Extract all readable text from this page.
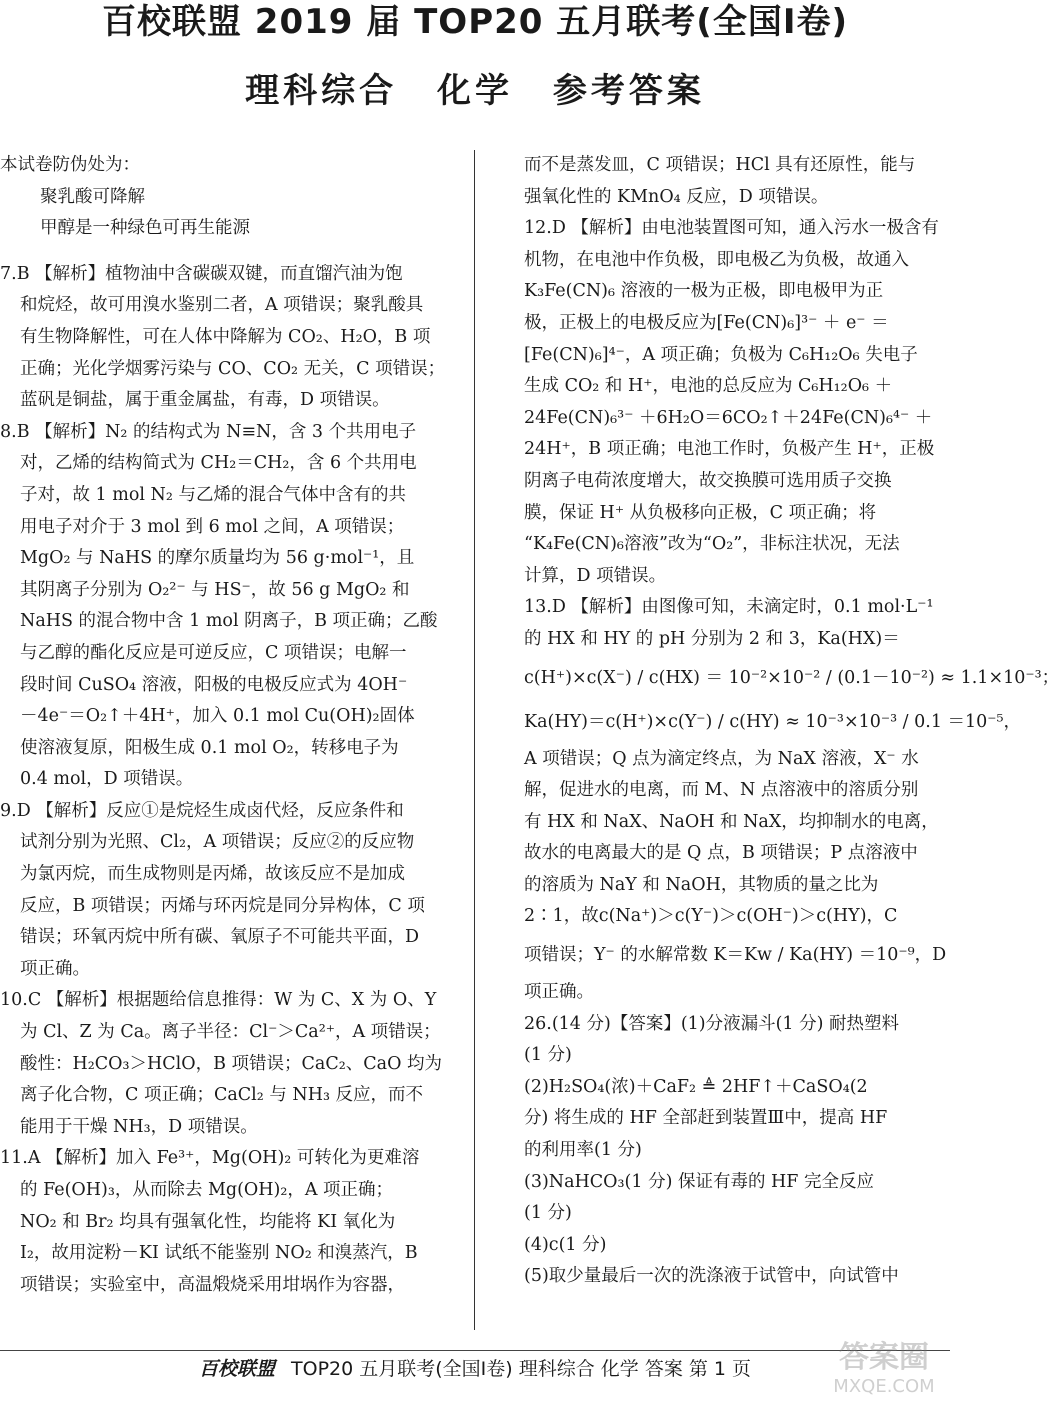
百校联盟 2019 届 TOP20 五月联考(全国Ⅰ卷)
理科综合 化学 参考答案
本试卷防伪处为：
聚乳酸可降解
甲醇是一种绿色可再生能源
7.B 【解析】植物油中含碳碳双键，而直馏汽油为饱
和烷烃，故可用溴水鉴别二者，A 项错误；聚乳酸具
有生物降解性，可在人体中降解为 CO₂、H₂O，B 项
正确；光化学烟雾污染与 CO、CO₂ 无关，C 项错误；
蓝矾是铜盐，属于重金属盐，有毒，D 项错误。
8.B 【解析】N₂ 的结构式为 N≡N，含 3 个共用电子
对，乙烯的结构简式为 CH₂＝CH₂，含 6 个共用电
子对，故 1 mol N₂ 与乙烯的混合气体中含有的共
用电子对介于 3 mol 到 6 mol 之间，A 项错误；
MgO₂ 与 NaHS 的摩尔质量均为 56 g·mol⁻¹，且
其阴离子分别为 O₂²⁻ 与 HS⁻，故 56 g MgO₂ 和
NaHS 的混合物中含 1 mol 阴离子，B 项正确；乙酸
与乙醇的酯化反应是可逆反应，C 项错误；电解一
段时间 CuSO₄ 溶液，阳极的电极反应式为 4OH⁻
－4e⁻＝O₂↑＋4H⁺，加入 0.1 mol Cu(OH)₂固体
使溶液复原，阳极生成 0.1 mol O₂，转移电子为
0.4 mol，D 项错误。
9.D 【解析】反应①是烷烃生成卤代烃，反应条件和
试剂分别为光照、Cl₂，A 项错误；反应②的反应物
为氯丙烷，而生成物则是丙烯，故该反应不是加成
反应，B 项错误；丙烯与环丙烷是同分异构体，C 项
错误；环氧丙烷中所有碳、氧原子不可能共平面，D
项正确。
10.C 【解析】根据题给信息推得：W 为 C、X 为 O、Y
为 Cl、Z 为 Ca。离子半径：Cl⁻＞Ca²⁺，A 项错误；
酸性：H₂CO₃＞HClO，B 项错误；CaC₂、CaO 均为
离子化合物，C 项正确；CaCl₂ 与 NH₃ 反应，而不
能用于干燥 NH₃，D 项错误。
11.A 【解析】加入 Fe³⁺，Mg(OH)₂ 可转化为更难溶
的 Fe(OH)₃，从而除去 Mg(OH)₂，A 项正确；
NO₂ 和 Br₂ 均具有强氧化性，均能将 KI 氧化为
I₂，故用淀粉－KI 试纸不能鉴别 NO₂ 和溴蒸汽，B
项错误；实验室中，高温煅烧采用坩埚作为容器，
而不是蒸发皿，C 项错误；HCl 具有还原性，能与
强氧化性的 KMnO₄ 反应，D 项错误。
12.D 【解析】由电池装置图可知，通入污水一极含有
机物，在电池中作负极，即电极乙为负极，故通入
K₃Fe(CN)₆ 溶液的一极为正极，即电极甲为正
极，正极上的电极反应为[Fe(CN)₆]³⁻ ＋ e⁻ ＝
[Fe(CN)₆]⁴⁻，A 项正确；负极为 C₆H₁₂O₆ 失电子
生成 CO₂ 和 H⁺，电池的总反应为 C₆H₁₂O₆ ＋
24Fe(CN)₆³⁻ ＋6H₂O＝6CO₂↑＋24Fe(CN)₆⁴⁻ ＋
24H⁺，B 项正确；电池工作时，负极产生 H⁺，正极
阴离子电荷浓度增大，故交换膜可选用质子交换
膜，保证 H⁺ 从负极移向正极，C 项正确；将
“K₄Fe(CN)₆溶液”改为“O₂”，非标注状况，无法
计算，D 项错误。
13.D 【解析】由图像可知，未滴定时，0.1 mol·L⁻¹
的 HX 和 HY 的 pH 分别为 2 和 3，Ka(HX)＝
c(H⁺)×c(X⁻) / c(HX) ＝ 10⁻²×10⁻² / (0.1－10⁻²) ≈ 1.1×10⁻³；
Ka(HY)＝c(H⁺)×c(Y⁻) / c(HY) ≈ 10⁻³×10⁻³ / 0.1 ＝10⁻⁵，
A 项错误；Q 点为滴定终点，为 NaX 溶液，X⁻ 水
解，促进水的电离，而 M、N 点溶液中的溶质分别
有 HX 和 NaX、NaOH 和 NaX，均抑制水的电离，
故水的电离最大的是 Q 点，B 项错误；P 点溶液中
的溶质为 NaY 和 NaOH，其物质的量之比为
2∶1，故c(Na⁺)＞c(Y⁻)＞c(OH⁻)＞c(HY)，C
项错误；Y⁻ 的水解常数 K＝Kw / Ka(HY) ＝10⁻⁹，D
项正确。
26.(14 分)【答案】(1)分液漏斗(1 分) 耐热塑料
(1 分)
(2)H₂SO₄(浓)＋CaF₂ ≜ 2HF↑＋CaSO₄(2
分) 将生成的 HF 全部赶到装置Ⅲ中，提高 HF
的利用率(1 分)
(3)NaHCO₃(1 分) 保证有毒的 HF 完全反应
(1 分)
(4)c(1 分)
(5)取少量最后一次的洗涤液于试管中，向试管中
百校联盟 TOP20 五月联考(全国Ⅰ卷) 理科综合 化学 答案 第 1 页	答案圈
MXQE.COM
